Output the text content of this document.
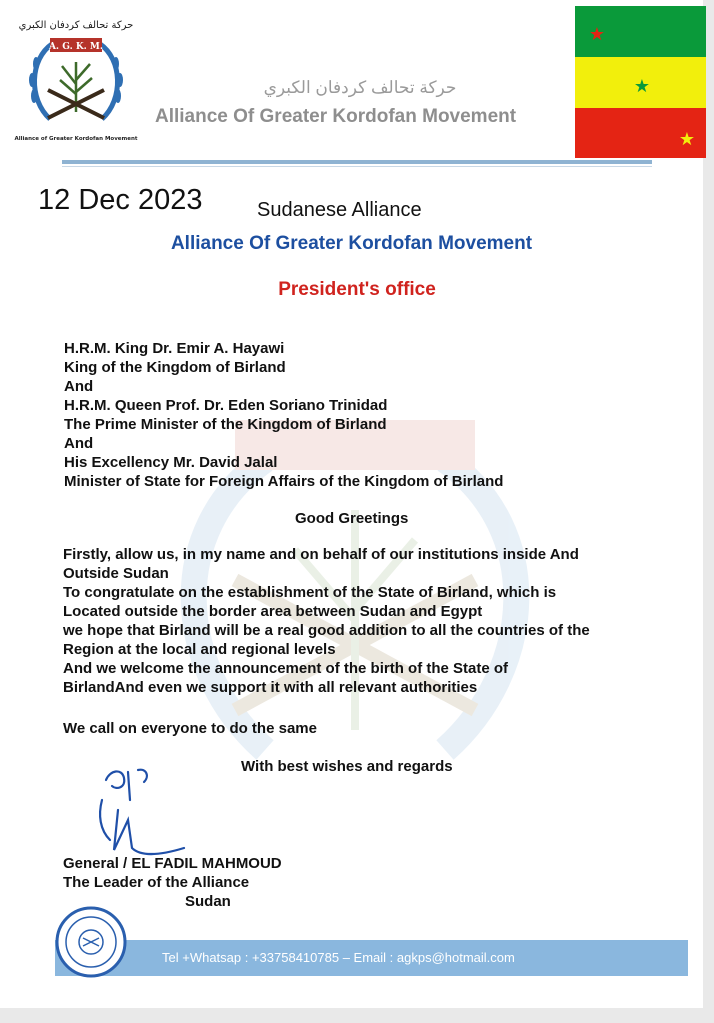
حركة تحالف كردفان الكبري
A. G. K. M.
Alliance of Greater Kordofan Movement
حركة تحالف كردفان الكبري
Alliance Of Greater Kordofan Movement
★
★
★
12 Dec 2023	Sudanese Alliance
Alliance Of Greater Kordofan Movement
President's office
H.R.M. King Dr. Emir A. Hayawi
King of the Kingdom of Birland
And
H.R.M. Queen Prof. Dr. Eden Soriano Trinidad
The Prime Minister of the Kingdom of Birland
And
His Excellency Mr. David Jalal
Minister of State for Foreign Affairs of the Kingdom of Birland
Good Greetings
Firstly, allow us, in my name and on behalf of our institutions inside And
Outside Sudan
To congratulate on the establishment of the State of Birland, which is
Located outside the border area between Sudan and Egypt
we hope that Birland will be a real good addition to all the countries of the
Region at the local and regional levels
And we welcome the announcement of the birth of the State of
BirlandAnd even we support it with all relevant authorities
We call on everyone to do the same
With best wishes and regards
General / EL FADIL MAHMOUD
The Leader of the Alliance
Sudan
Tel +Whatsap : +33758410785 – Email : agkps@hotmail.com
